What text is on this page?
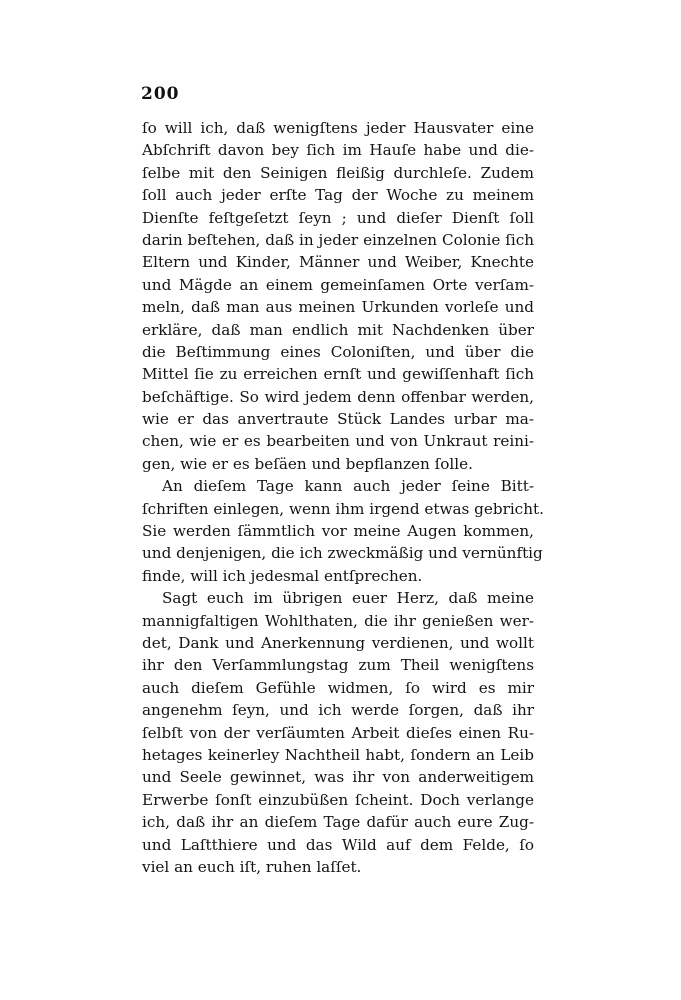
200
ſo will ich, daß wenigſtens jeder Hausvater eine
Abſchrift davon bey ſich im Hauſe habe und die-
ſelbe mit den Seinigen fleißig durchleſe. Zudem
ſoll auch jeder erſte Tag der Woche zu meinem
Dienſte feſtgeſetzt ſeyn ; und dieſer Dienſt ſoll
darin beſtehen, daß in jeder einzelnen Colonie ſich
Eltern und Kinder, Männer und Weiber, Knechte
und Mägde an einem gemeinſamen Orte verſam-
meln, daß man aus meinen Urkunden vorleſe und
erkläre, daß man endlich mit Nachdenken über
die Beſtimmung eines Coloniſten, und über die
Mittel ſie zu erreichen ernſt und gewiſſenhaft ſich
beſchäftige. So wird jedem denn offenbar werden,
wie er das anvertraute Stück Landes urbar ma-
chen, wie er es bearbeiten und von Unkraut reini-
gen, wie er es beſäen und bepflanzen ſolle.
An dieſem Tage kann auch jeder ſeine Bitt-
ſchriften einlegen, wenn ihm irgend etwas gebricht.
Sie werden ſämmtlich vor meine Augen kommen,
und denjenigen, die ich zweckmäßig und vernünftig
finde, will ich jedesmal entſprechen.
Sagt euch im übrigen euer Herz, daß meine
mannigfaltigen Wohlthaten, die ihr genießen wer-
det, Dank und Anerkennung verdienen, und wollt
ihr den Verſammlungstag zum Theil wenigſtens
auch dieſem Gefühle widmen, ſo wird es mir
angenehm ſeyn, und ich werde ſorgen, daß ihr
ſelbſt von der verſäumten Arbeit dieſes einen Ru-
hetages keinerley Nachtheil habt, ſondern an Leib
und Seele gewinnet, was ihr von anderweitigem
Erwerbe ſonſt einzubüßen ſcheint. Doch verlange
ich, daß ihr an dieſem Tage dafür auch eure Zug-
und Laſtthiere und das Wild auf dem Felde, ſo
viel an euch iſt, ruhen laſſet.
